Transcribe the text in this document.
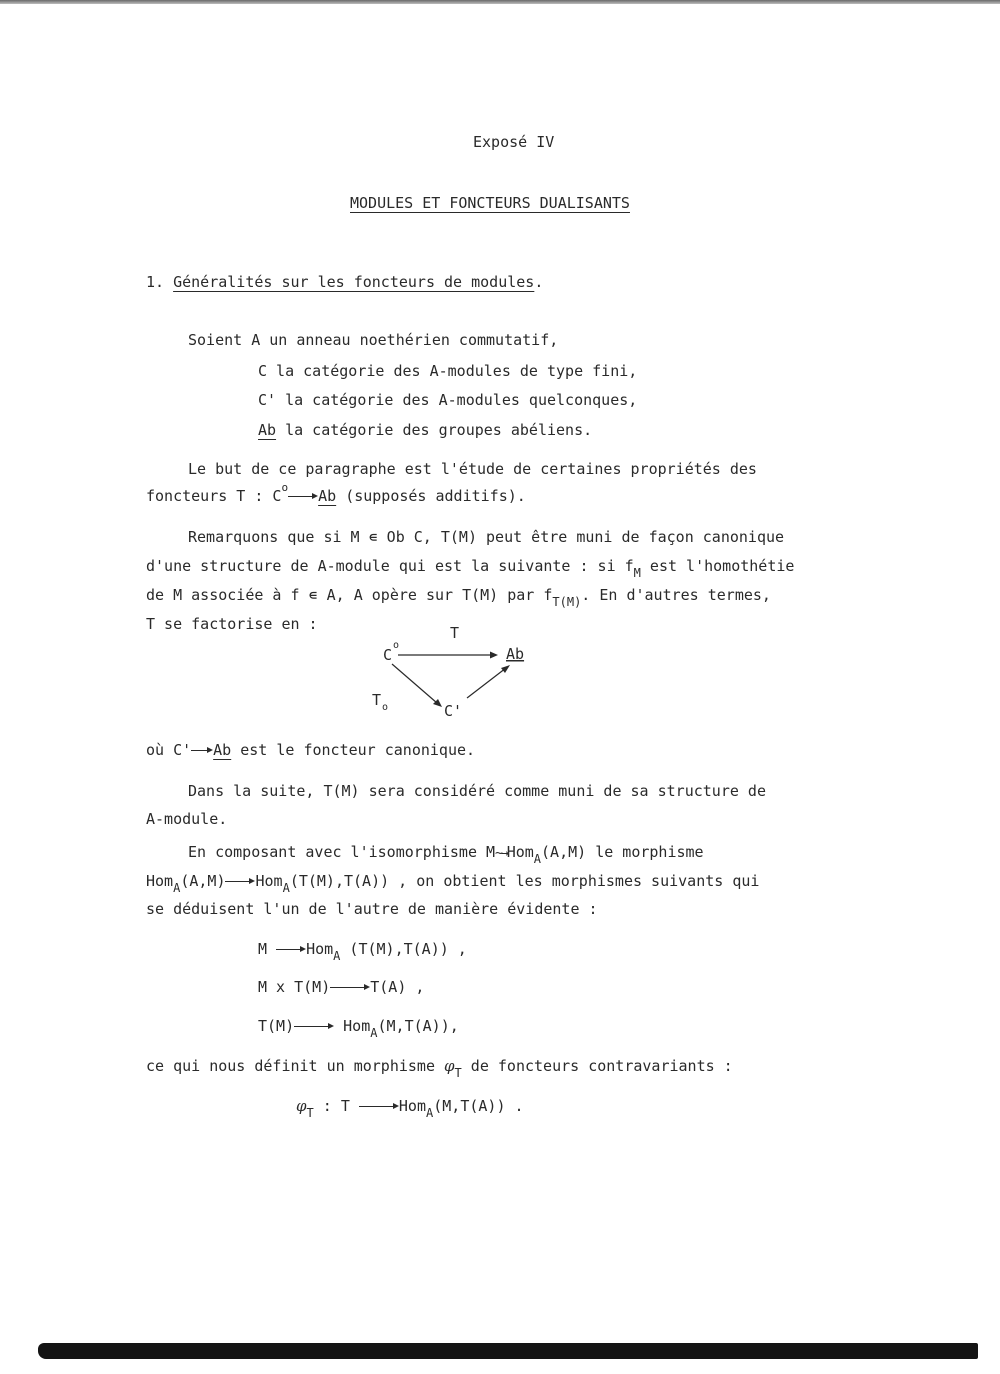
Exposé IV
MODULES ET FONCTEURS DUALISANTS
1. Généralités sur les foncteurs de modules.
Soient A un anneau noethérien commutatif,
C la catégorie des A-modules de type fini,
C' la catégorie des A-modules quelconques,
Ab la catégorie des groupes abéliens.
Le but de ce paragraphe est l'étude de certaines propriétés des
foncteurs T : $C^o$ Ab (supposés additifs).
Remarquons que si M ∊ Ob C, T(M) peut être muni de façon canonique
d'une structure de A-module qui est la suivante : si $f_M$ est l'homothétie
de M associée à f ∊ A, A opère sur T(M) par $f_{T(M)}$. En d'autres termes,
T se factorise en :	T
C
o	Ab
T o	C'
où C' Ab est le foncteur canonique.
Dans la suite, T(M) sera considéré comme muni de sa structure de
A-module.
En composant avec l'isomorphisme M~→Hom$_A$(A,M) le morphisme
Hom$_A$(A,M) Hom$_A$(T(M),T(A)) , on obtient les morphismes suivants qui
se déduisent l'un de l'autre de manière évidente :
M	Hom$_A$ (T(M),T(A)) ,
M x T(M)	T(A) ,
T(M)	Hom$_A$(M,T(A)),
ce qui nous définit un morphisme $\varphi_T$ de foncteurs contravariants :
$\varphi_T$ : T	Hom$_A$(M,T(A)) .
